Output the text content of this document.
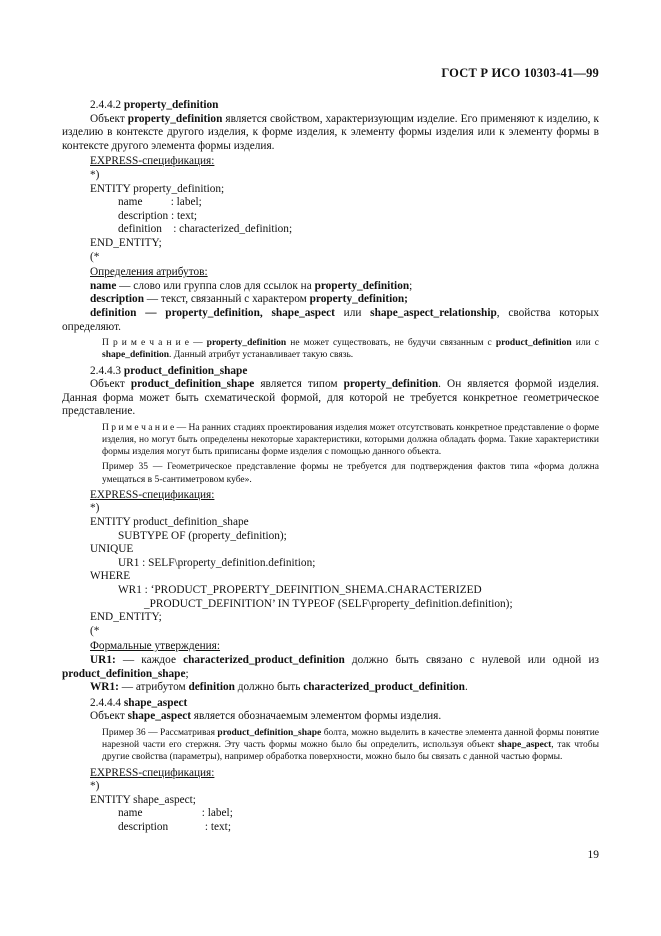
ГОСТ Р ИСО 10303-41—99

2.4.4.2 property_definition

Объект property_definition является свойством, характеризующим изделие. Его применяют к изделию, к изделию в контексте другого изделия, к форме изделия, к элементу формы изделия или к элементу формы в контексте другого элемента формы изделия.

EXPRESS-спецификация:

*)

ENTITY property_definition;

name          : label;

description : text;

definition    : characterized_definition;

END_ENTITY;

(*

Определения атрибутов:

name — слово или группа слов для ссылок на property_definition;

description — текст, связанный с характером property_definition;

definition — property_definition, shape_aspect или shape_aspect_relationship, свойства которых определяют.

П р и м е ч а н и е — property_definition не может существовать, не будучи связанным с product_definition или с shape_definition. Данный атрибут устанавливает такую связь.

2.4.4.3 product_definition_shape

Объект product_definition_shape является типом property_definition. Он является формой изделия. Данная форма может быть схематической формой, для которой не требуется конкретное геометрическое представление.

П р и м е ч а н и е — На ранних стадиях проектирования изделия может отсутствовать конкретное представление о форме изделия, но могут быть определены некоторые характеристики, которыми должна обладать форма. Такие характеристики формы изделия могут быть приписаны форме изделия с помощью данного объекта.

Пример 35 — Геометрическое представление формы не требуется для подтверждения фактов типа «форма должна умещаться в 5-сантиметровом кубе».

EXPRESS-спецификация:

*)

ENTITY product_definition_shape

SUBTYPE OF (property_definition);

UNIQUE

UR1 : SELF\property_definition.definition;

WHERE

WR1 : ‘PRODUCT_PROPERTY_DEFINITION_SHEMA.CHARACTERIZED

_PRODUCT_DEFINITION’ IN TYPEOF (SELF\property_definition.definition);

END_ENTITY;

(*

Формальные утверждения:

UR1: — каждое characterized_product_definition должно быть связано с нулевой или одной из product_definition_shape;

WR1: — атрибутом definition должно быть characterized_product_definition.

2.4.4.4 shape_aspect

Объект shape_aspect является обозначаемым элементом формы изделия.

Пример 36 — Рассматривая product_definition_shape болта, можно выделить в качестве элемента данной формы понятие нарезной части его стержня. Эту часть формы можно было бы определить, используя объект shape_aspect, так чтобы другие свойства (параметры), например обработка поверхности, можно было бы связать с данной частью формы.

EXPRESS-спецификация:

*)

ENTITY shape_aspect;

name                     : label;

description             : text;

19
